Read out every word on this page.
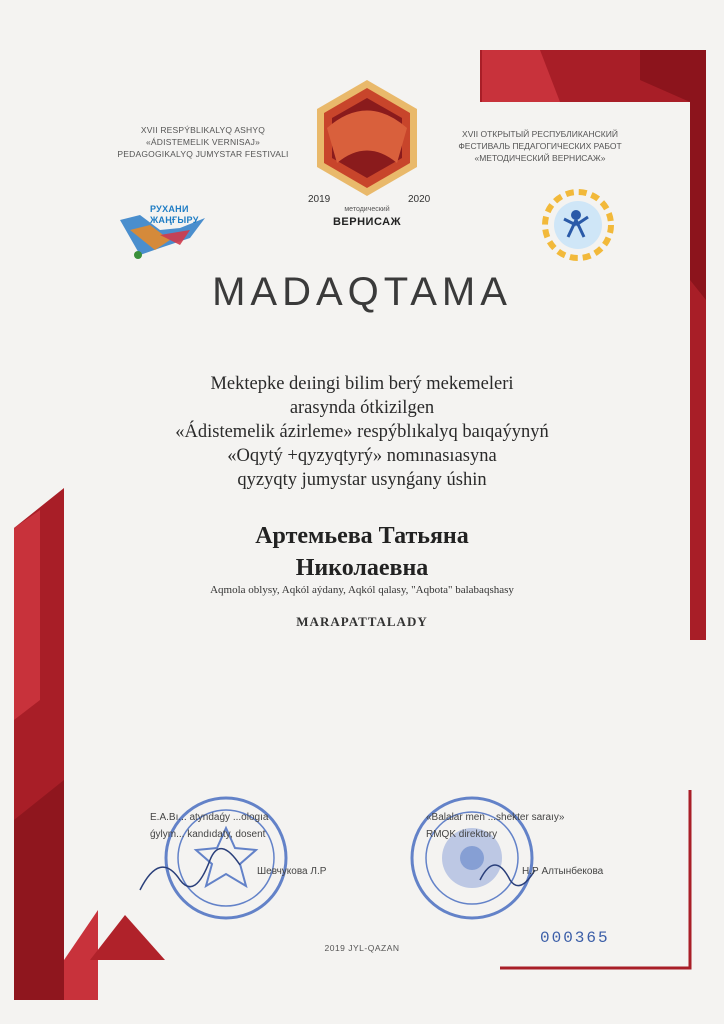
XVII RESPÝBLIKALYQ ASHYQ
«ÁDISTEMELIK VERNISAJ»
PEDAGOGIKALYQ JUMYSTAR FESTIVALI
XVII ОТКРЫТЫЙ РЕСПУБЛИКАНСКИЙ
ФЕСТИВАЛЬ ПЕДАГОГИЧЕСКИХ РАБОТ
«МЕТОДИЧЕСКИЙ ВЕРНИСАЖ»
РУХАНИ
ЖАҢҒЫРУ
2019	2020
методический
ВЕРНИСАЖ
MADAQTAMA
Mektepke deıingi bilim berý mekemeleri
arasynda ótkizilgen
«Ádistemelik ázirleme» respýblıkalyq baıqaýynyń
«Oqytý +qyzyqtyrý» nomınasıasyna
qyzyqty jumystar usynǵany úshin
Артемьева Татьяна
Николаевна
Aqmola oblysy, Aqkól aýdany, Aqkól qalasy, "Aqbota" balabaqshasy
MARAPATTALADY
E.A.Bı... atyndaǵy ...ologıa
ǵylym... kandıdaty, dosent
Шевчукова Л.Р
«Balalar men ...shekter saraıy»
RMQK direktory
Н.Р Алтынбекова
2019 JYL-QAZAN
000365
